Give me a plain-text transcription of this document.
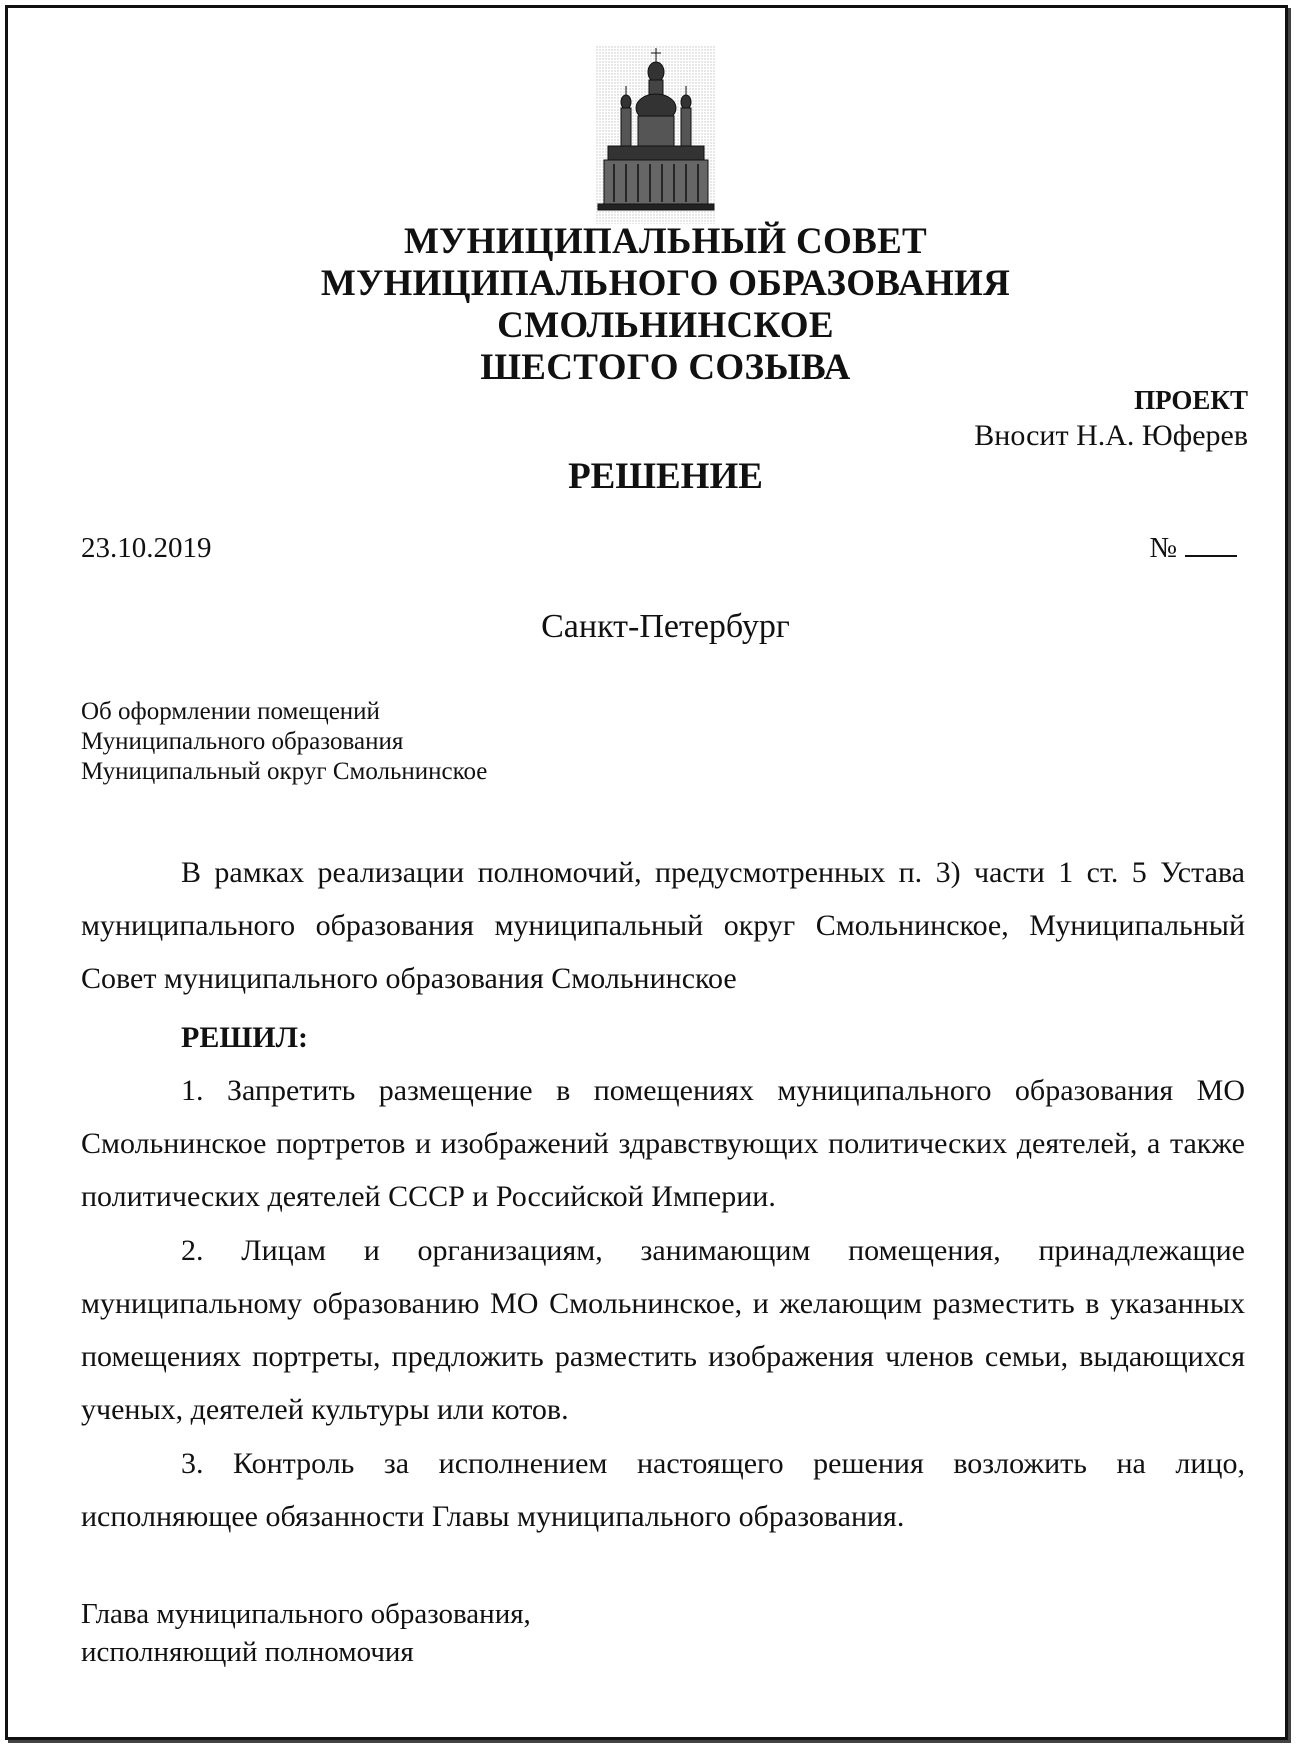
МУНИЦИПАЛЬНЫЙ СОВЕТ
МУНИЦИПАЛЬНОГО ОБРАЗОВАНИЯ
СМОЛЬНИНСКОЕ
ШЕСТОГО СОЗЫВА
ПРОЕКТ
Вносит Н.А. Юферев
РЕШЕНИЕ
23.10.2019	№
Санкт-Петербург
Об оформлении помещений
Муниципального образования
Муниципальный округ Смольнинское
В рамках реализации полномочий, предусмотренных п. 3) части 1 ст. 5 Устава муниципального образования муниципальный округ Смольнинское, Муниципальный Совет муниципального образования Смольнинское
РЕШИЛ:
1. Запретить размещение в помещениях муниципального образования МО Смольнинское портретов и изображений здравствующих политических деятелей, а также политических деятелей СССР и Российской Империи.
2. Лицам и организациям, занимающим помещения, принадлежащие муниципальному образованию МО Смольнинское, и желающим разместить в указанных помещениях портреты, предложить разместить изображения членов семьи, выдающихся ученых, деятелей культуры или котов.
3. Контроль за исполнением настоящего решения возложить на лицо, исполняющее обязанности Главы муниципального образования.
Глава муниципального образования,
исполняющий полномочия
